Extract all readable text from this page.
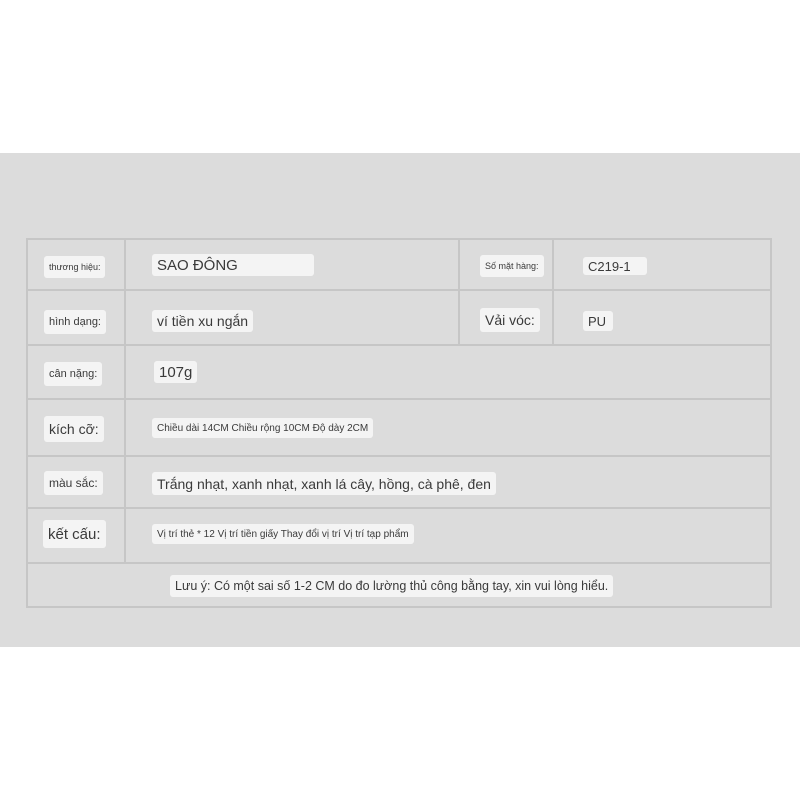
thương hiệu:	SAO ĐÔNG	Số mặt hàng:	C219-1
hình dạng:	ví tiền xu ngắn	Vải vóc:	PU
cân nặng:	107g
kích cỡ:	Chiều dài 14CM Chiều rộng 10CM Độ dày 2CM
màu sắc:	Trắng nhạt, xanh nhạt, xanh lá cây, hồng, cà phê, đen
kết cấu:	Vị trí thẻ * 12 Vị trí tiền giấy Thay đổi vị trí Vị trí tạp phẩm
Lưu ý: Có một sai số 1-2 CM do đo lường thủ công bằng tay, xin vui lòng hiểu.
